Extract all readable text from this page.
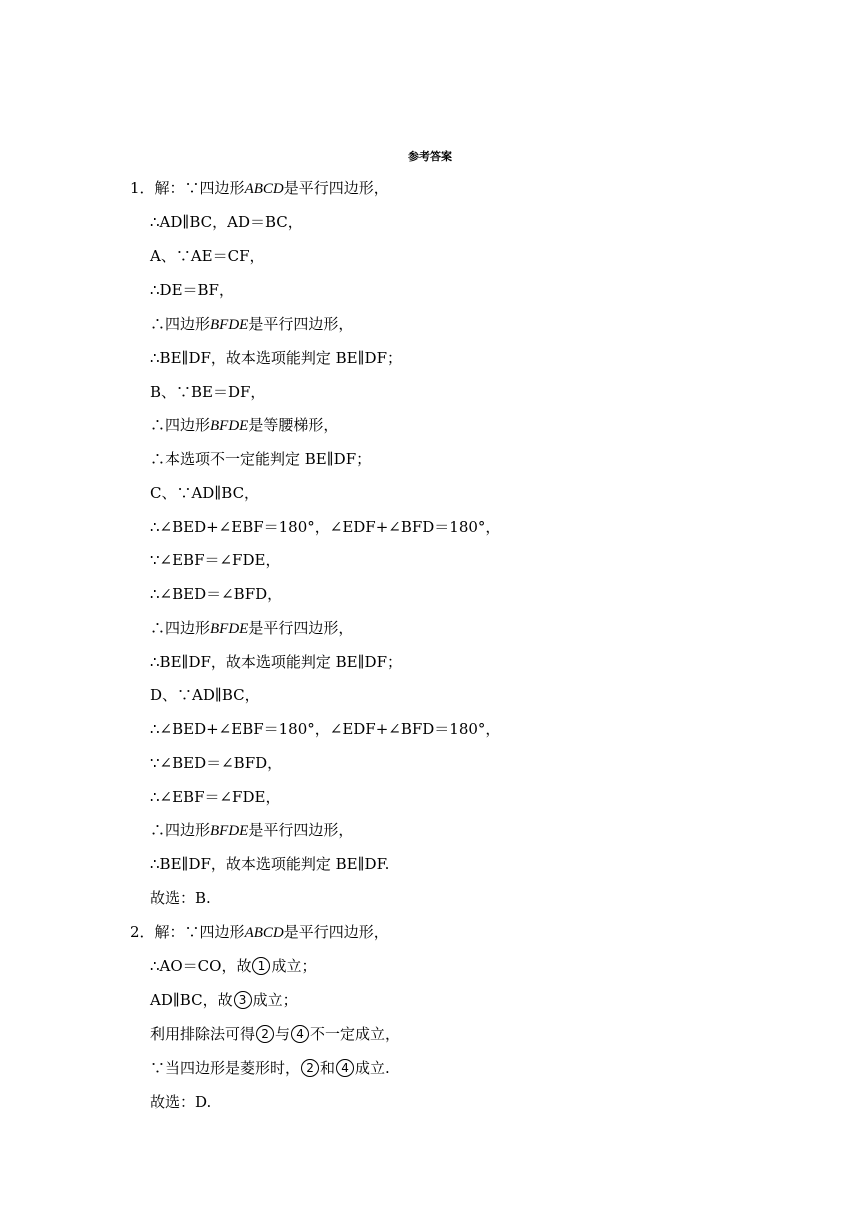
参考答案
1．解：∵四边形ABCD是平行四边形，
∴AD∥BC，AD＝BC，
A、∵AE＝CF，
∴DE＝BF，
∴四边形BFDE是平行四边形，
∴BE∥DF，故本选项能判定 BE∥DF；
B、∵BE＝DF，
∴四边形BFDE是等腰梯形，
∴本选项不一定能判定 BE∥DF；
C、∵AD∥BC，
∴∠BED+∠EBF＝180°，∠EDF+∠BFD＝180°，
∵∠EBF＝∠FDE，
∴∠BED＝∠BFD，
∴四边形BFDE是平行四边形，
∴BE∥DF，故本选项能判定 BE∥DF；
D、∵AD∥BC，
∴∠BED+∠EBF＝180°，∠EDF+∠BFD＝180°，
∵∠BED＝∠BFD，
∴∠EBF＝∠FDE，
∴四边形BFDE是平行四边形，
∴BE∥DF，故本选项能判定 BE∥DF.
故选：B.
2．解：∵四边形ABCD是平行四边形，
∴AO＝CO，故 1 成立；
AD∥BC，故 3 成立；
利用排除法可得 2 与 4 不一定成立，
∵当四边形是菱形时， 2 和 4 成立.
故选：D.
